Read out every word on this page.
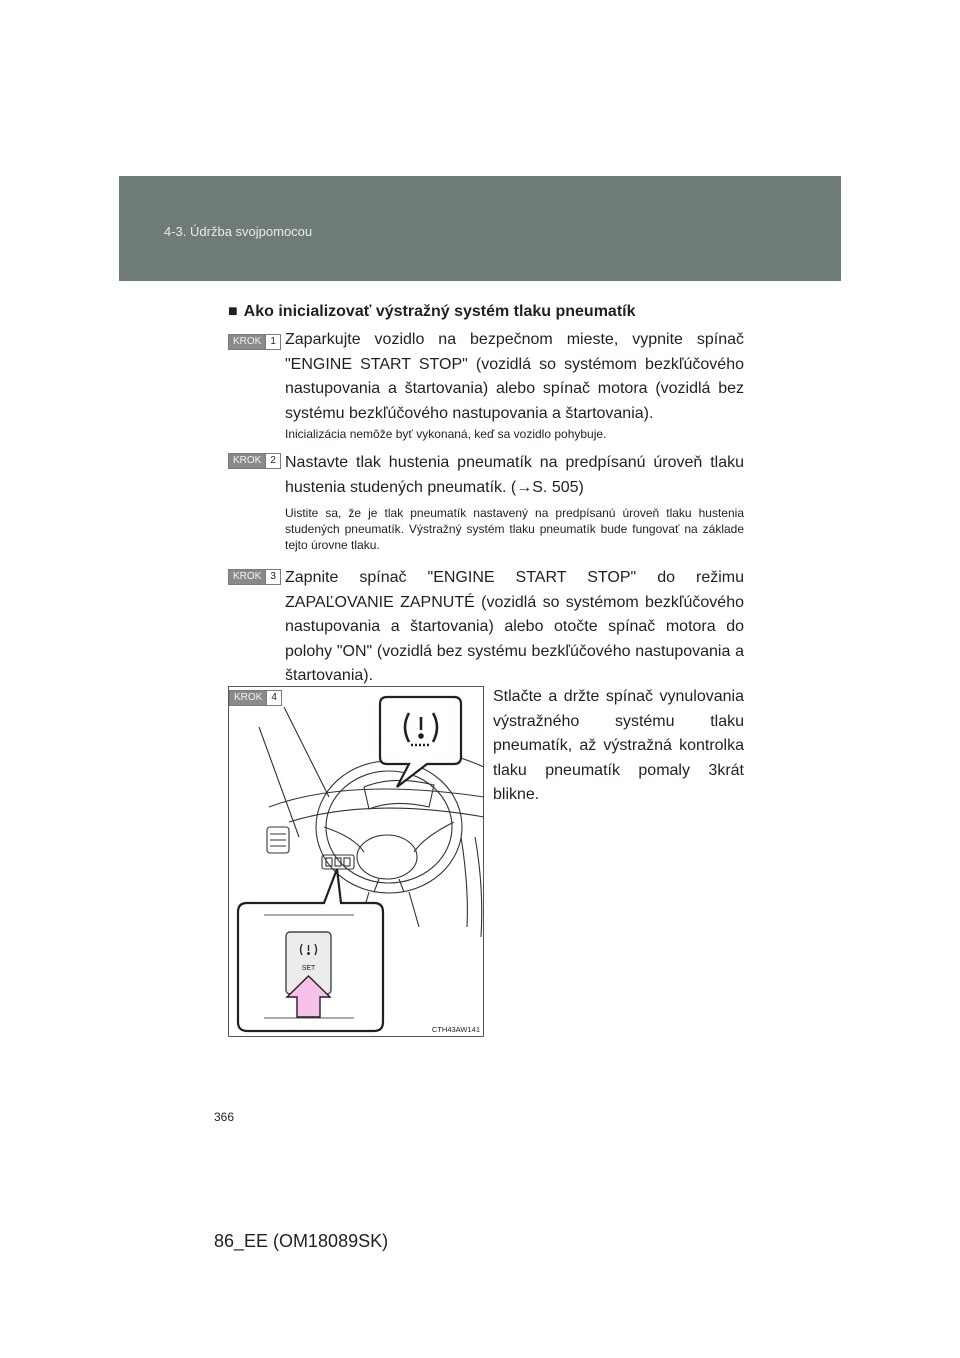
4-3. Údržba svojpomocou
■ Ako inicializovať výstražný systém tlaku pneumatík
KROK 1 Zaparkujte vozidlo na bezpečnom mieste, vypnite spínač "ENGINE START STOP" (vozidlá so systémom bezkľúčového nastupovania a štartovania) alebo spínač motora (vozidlá bez systému bezkľúčového nastupovania a štartovania).
Inicializácia nemôže byť vykonaná, keď sa vozidlo pohybuje.
KROK 2 Nastavte tlak hustenia pneumatík na predpísanú úroveň tlaku hustenia studených pneumatík. (→S. 505)
Uistite sa, že je tlak pneumatík nastavený na predpísanú úroveň tlaku hustenia studených pneumatík. Výstražný systém tlaku pneumatík bude fungovať na základe tejto úrovne tlaku.
KROK 3 Zapnite spínač "ENGINE START STOP" do režimu ZAPAĽOVANIE ZAPNUTÉ (vozidlá so systémom bezkľúčového nastupovania a štartovania) alebo otočte spínač motora do polohy "ON" (vozidlá bez systému bezkľúčového nastupovania a štartovania).
SET
KROK 4
CTH43AW141
Stlačte a držte spínač vynulovania výstražného systému tlaku pneumatík, až výstražná kontrolka tlaku pneumatík pomaly 3krát blikne.
366
86_EE (OM18089SK)
